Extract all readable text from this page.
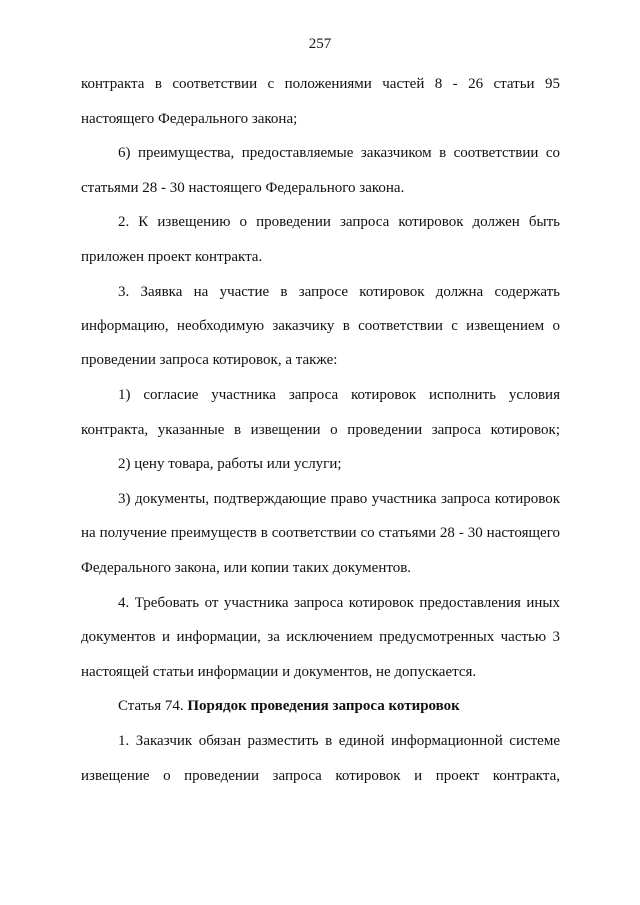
257
контракта в соответствии с положениями частей 8 - 26 статьи 95
настоящего Федерального закона;
6) преимущества, предоставляемые заказчиком в соответствии со
статьями 28 - 30 настоящего Федерального закона.
2. К извещению о проведении запроса котировок должен быть
приложен проект контракта.
3. Заявка на участие в запросе котировок должна содержать
информацию, необходимую заказчику в соответствии с извещением о
проведении запроса котировок, а также:
1) согласие участника запроса котировок исполнить условия
контракта, указанные в извещении о проведении запроса котировок;
2) цену товара, работы или услуги;
3) документы, подтверждающие право участника запроса котировок
на получение преимуществ в соответствии со статьями 28 - 30 настоящего
Федерального закона, или копии таких документов.
4. Требовать от участника запроса котировок предоставления иных
документов и информации, за исключением предусмотренных частью 3
настоящей статьи информации и документов, не допускается.
Статья 74. Порядок проведения запроса котировок
1. Заказчик обязан разместить в единой информационной системе
извещение о проведении запроса котировок и проект контракта,
